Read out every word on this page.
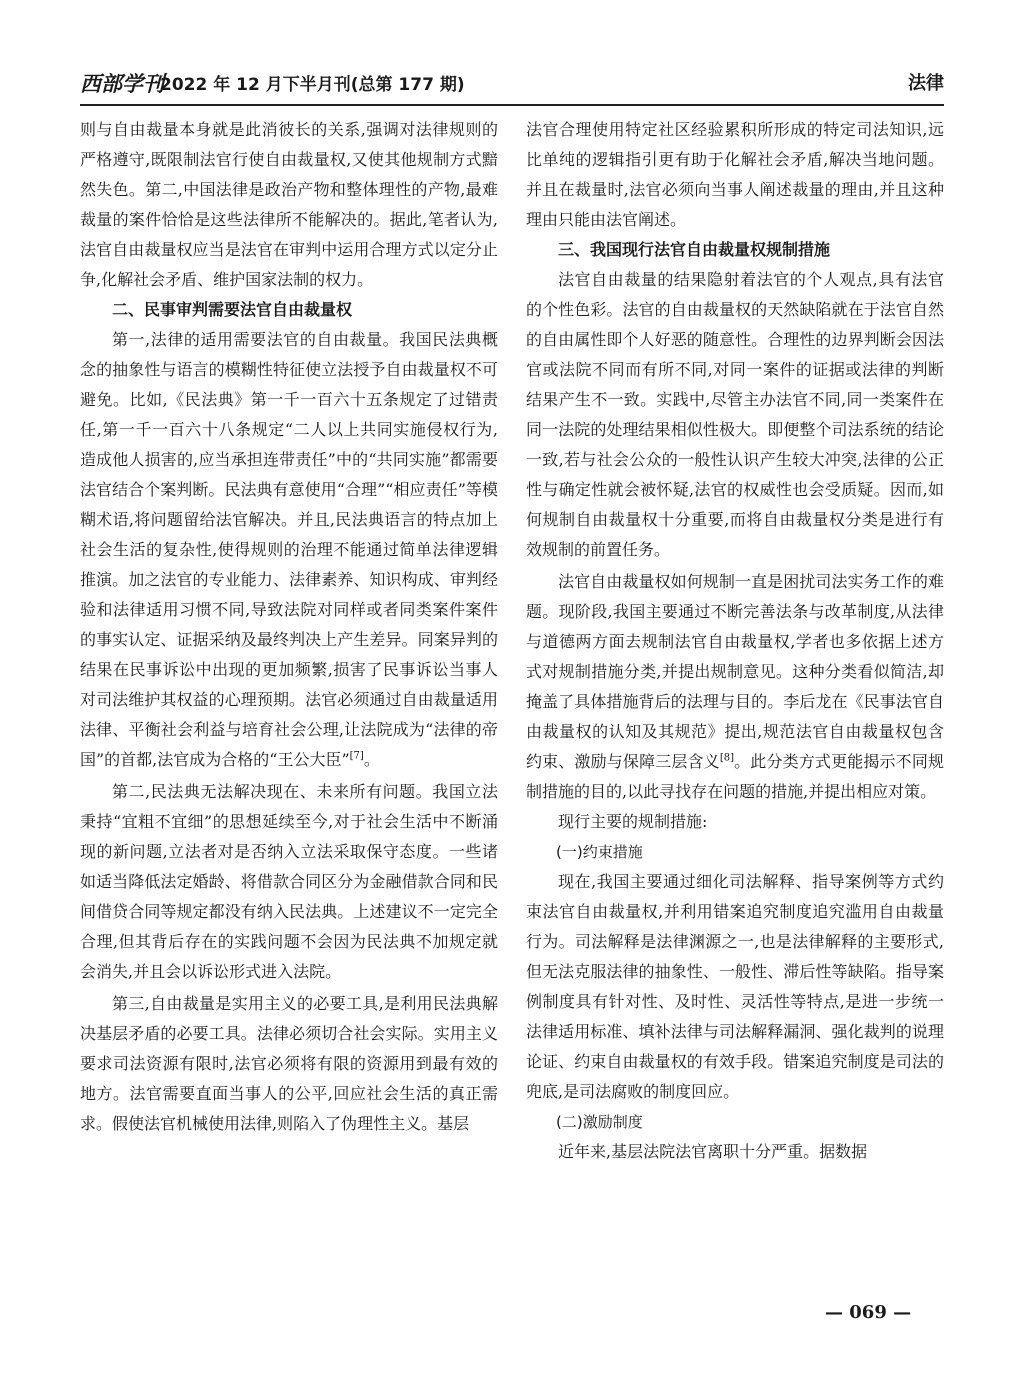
西部学刊
2022 年 12 月下半月刊(总第 177 期)	法律

则与自由裁量本身就是此消彼长的关系,强调对法律规则的严格遵守,既限制法官行使自由裁量权,又使其他规制方式黯然失色。第二,中国法律是政治产物和整体理性的产物,最难裁量的案件恰恰是这些法律所不能解决的。据此,笔者认为,法官自由裁量权应当是法官在审判中运用合理方式以定分止争,化解社会矛盾、维护国家法制的权力。

二、民事审判需要法官自由裁量权

第一,法律的适用需要法官的自由裁量。我国民法典概念的抽象性与语言的模糊性特征使立法授予自由裁量权不可避免。比如,《民法典》第一千一百六十五条规定了过错责任,第一千一百六十八条规定“二人以上共同实施侵权行为,造成他人损害的,应当承担连带责任”中的“共同实施”都需要法官结合个案判断。民法典有意使用“合理”“相应责任”等模糊术语,将问题留给法官解决。并且,民法典语言的特点加上社会生活的复杂性,使得规则的治理不能通过简单法律逻辑推演。加之法官的专业能力、法律素养、知识构成、审判经验和法律适用习惯不同,导致法院对同样或者同类案件案件的事实认定、证据采纳及最终判决上产生差异。同案异判的结果在民事诉讼中出现的更加频繁,损害了民事诉讼当事人对司法维护其权益的心理预期。法官必须通过自由裁量适用法律、平衡社会利益与培育社会公理,让法院成为“法律的帝国”的首都,法官成为合格的“王公大臣”[7]。

第二,民法典无法解决现在、未来所有问题。我国立法秉持“宜粗不宜细”的思想延续至今,对于社会生活中不断涌现的新问题,立法者对是否纳入立法采取保守态度。一些诸如适当降低法定婚龄、将借款合同区分为金融借款合同和民间借贷合同等规定都没有纳入民法典。上述建议不一定完全合理,但其背后存在的实践问题不会因为民法典不加规定就会消失,并且会以诉讼形式进入法院。

第三,自由裁量是实用主义的必要工具,是利用民法典解决基层矛盾的必要工具。法律必须切合社会实际。实用主义要求司法资源有限时,法官必须将有限的资源用到最有效的地方。法官需要直面当事人的公平,回应社会生活的真正需求。假使法官机械使用法律,则陷入了伪理性主义。基层

法官合理使用特定社区经验累积所形成的特定司法知识,远比单纯的逻辑指引更有助于化解社会矛盾,解决当地问题。并且在裁量时,法官必须向当事人阐述裁量的理由,并且这种理由只能由法官阐述。

三、我国现行法官自由裁量权规制措施

法官自由裁量的结果隐射着法官的个人观点,具有法官的个性色彩。法官的自由裁量权的天然缺陷就在于法官自然的自由属性即个人好恶的随意性。合理性的边界判断会因法官或法院不同而有所不同,对同一案件的证据或法律的判断结果产生不一致。实践中,尽管主办法官不同,同一类案件在同一法院的处理结果相似性极大。即便整个司法系统的结论一致,若与社会公众的一般性认识产生较大冲突,法律的公正性与确定性就会被怀疑,法官的权威性也会受质疑。因而,如何规制自由裁量权十分重要,而将自由裁量权分类是进行有效规制的前置任务。

法官自由裁量权如何规制一直是困扰司法实务工作的难题。现阶段,我国主要通过不断完善法条与改革制度,从法律与道德两方面去规制法官自由裁量权,学者也多依据上述方式对规制措施分类,并提出规制意见。这种分类看似简洁,却掩盖了具体措施背后的法理与目的。李后龙在《民事法官自由裁量权的认知及其规范》提出,规范法官自由裁量权包含约束、激励与保障三层含义[8]。此分类方式更能揭示不同规制措施的目的,以此寻找存在问题的措施,并提出相应对策。

现行主要的规制措施:

(一)约束措施

现在,我国主要通过细化司法解释、指导案例等方式约束法官自由裁量权,并利用错案追究制度追究滥用自由裁量行为。司法解释是法律渊源之一,也是法律解释的主要形式,但无法克服法律的抽象性、一般性、滞后性等缺陷。指导案例制度具有针对性、及时性、灵活性等特点,是进一步统一法律适用标准、填补法律与司法解释漏洞、强化裁判的说理论证、约束自由裁量权的有效手段。错案追究制度是司法的兜底,是司法腐败的制度回应。

(二)激励制度

近年来,基层法院法官离职十分严重。据数据

— 069 —
